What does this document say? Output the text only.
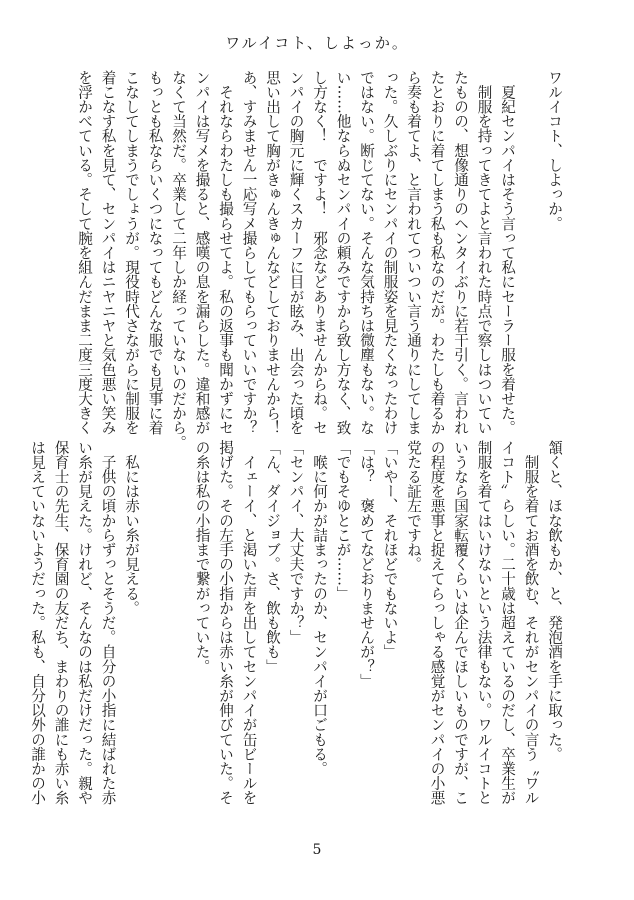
ワルイコト、しよっか。
ワルイコト、しよっか。

　夏紀センパイはそう言って私にセーラー服を着せた。
　制服を持ってきてよと言われた時点で察しはついてい
たものの、想像通りのヘンタイぶりに若干引く。言われ
たとおりに着てしまう私も私なのだが。わたしも着るか
ら奏も着てよ、と言われてついつい言う通りにしてしま
った。久しぶりにセンパイの制服姿を見たくなったわけ
ではない。断じてない。そんな気持ちは微塵もない。な
い……他ならぬセンパイの頼みですから致し方なく、致
し方なく！　ですよ！　邪念などありませんからね。セ
ンパイの胸元に輝くスカーフに目が眩み、出会った頃を
思い出して胸がきゅんきゅんなどしておりませんから！
あ、すみません一応写メ撮らしてもらっていいですか？
　それならわたしも撮らせてよ。私の返事も聞かずにセ
ンパイは写メを撮ると、感嘆の息を漏らした。違和感が
なくて当然だ。卒業して二年しか経っていないのだから。
もっとも私ならいくつになってもどんな服でも見事に着
こなしてしまうでしょうが。現役時代さながらに制服を
着こなす私を見て、センパイはニヤニヤと気色悪い笑み
を浮かべている。そして腕を組んだまま二度三度大きく
頷くと、ほな飲もか、と、発泡酒を手に取った。
　制服を着てお酒を飲む、それがセンパイの言う〝ワル
イコト〟らしい。二十歳は超えているのだし、卒業生が
制服を着てはいけないという法律もない。ワルイコトと
いうなら国家転覆くらいは企んでほしいものですが、こ
の程度を悪事と捉えてらっしゃる感覚がセンパイの小悪
党たる証左ですね。
「いやー、それほどでもないよ」
「は？　褒めてなどおりませんが？」
「でもそゆとこが……」
　喉に何かが詰まったのか、センパイが口ごもる。
「センパイ、大丈夫ですか？」
「ん、ダイジョブ。さ、飲も飲も」
　イェーイ、と渇いた声を出してセンパイが缶ビールを
掲げた。その左手の小指からは赤い糸が伸びていた。そ
の糸は私の小指まで繋がっていた。

　私には赤い糸が見える。
　子供の頃からずっとそうだ。自分の小指に結ばれた赤
い糸が見えた。けれど、そんなのは私だけだった。親や
保育士の先生、保育園の友だち、まわりの誰にも赤い糸
は見えていないようだった。私も、自分以外の誰かの小
5
